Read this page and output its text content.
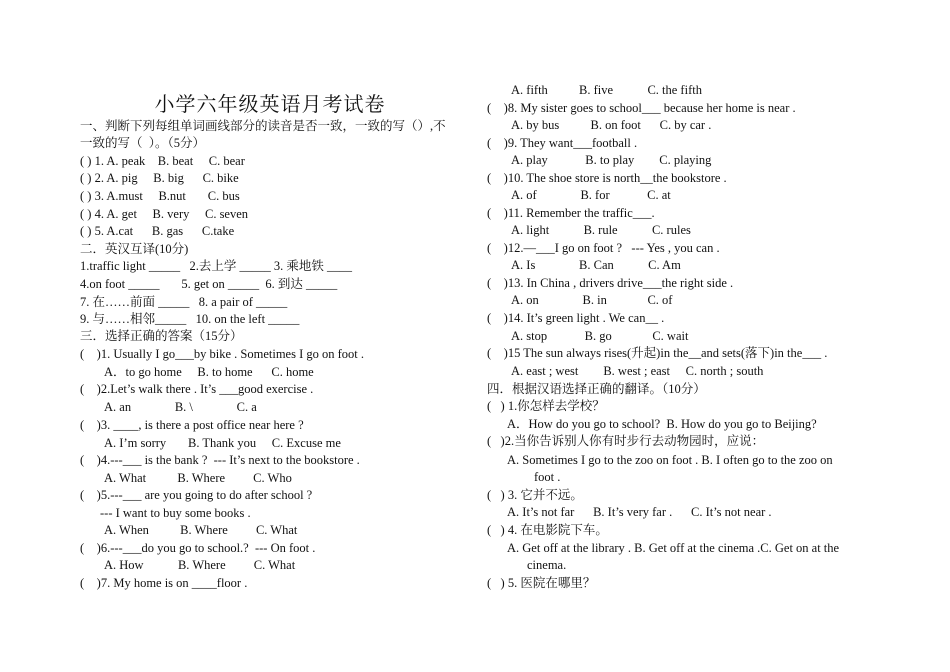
小学六年级英语月考试卷
一、判断下列每组单词画线部分的读音是否一致，一致的写（）,不
一致的写（  ）。（5分）
( ) 1. A. peak    B. beat     C. bear
( ) 2. A. pig     B. big      C. bike
( ) 3. A.must     B.nut       C. bus
( ) 4. A. get     B. very     C. seven
( ) 5. A.cat      B. gas      C.take
二．英汉互译(10分)
1.traffic light _____   2.去上学 _____ 3. 乘地铁 ____
4.on foot _____       5. get on _____  6. 到达 _____
7. 在……前面 _____   8. a pair of _____
9. 与……相邻_____   10. on the left _____
三．选择正确的答案（15分）
(    )1. Usually I go___by bike . Sometimes I go on foot .
A．to go home     B. to home      C. home
(    )2.Let’s walk there . It’s ___good exercise .
A. an              B. \              C. a
(    )3. ____, is there a post office near here ?
A. I’m sorry       B. Thank you     C. Excuse me
(    )4.---___ is the bank ?  --- It’s next to the bookstore .
A. What          B. Where         C. Who
(    )5.---___ are you going to do after school ?
--- I want to buy some books .
A. When          B. Where         C. What
(    )6.---___do you go to school.?  --- On foot .
A. How           B. Where         C. What
(    )7. My home is on ____floor .
A. fifth          B. five           C. the fifth
(    )8. My sister goes to school___ because her home is near .
A. by bus          B. on foot      C. by car .
(    )9. They want___football .
A. play            B. to play        C. playing
(    )10. The shoe store is north__the bookstore .
A. of              B. for            C. at
(    )11. Remember the traffic___.
A. light           B. rule           C. rules
(    )12.—___I go on foot ?   --- Yes , you can .
A. Is              B. Can           C. Am
(    )13. In China , drivers drive___the right side .
A. on              B. in             C. of
(    )14. It’s green light . We can__ .
A. stop            B. go             C. wait
(    )15 The sun always rises(升起)in the__and sets(落下)in the___ .
A. east ; west        B. west ; east     C. north ; south
四．根据汉语选择正确的翻译。（10分）
(   ) 1.你怎样去学校？
A．How do you go to school?  B. How do you go to Beijing?
(   )2.当你告诉别人你有时步行去动物园时，应说：
A. Sometimes I go to the zoo on foot . B. I often go to the zoo on
foot .
(   ) 3. 它并不远。
A. It’s not far      B. It’s very far .      C. It’s not near .
(   ) 4. 在电影院下车。
A. Get off at the library . B. Get off at the cinema .C. Get on at the
cinema.
(   ) 5. 医院在哪里？
